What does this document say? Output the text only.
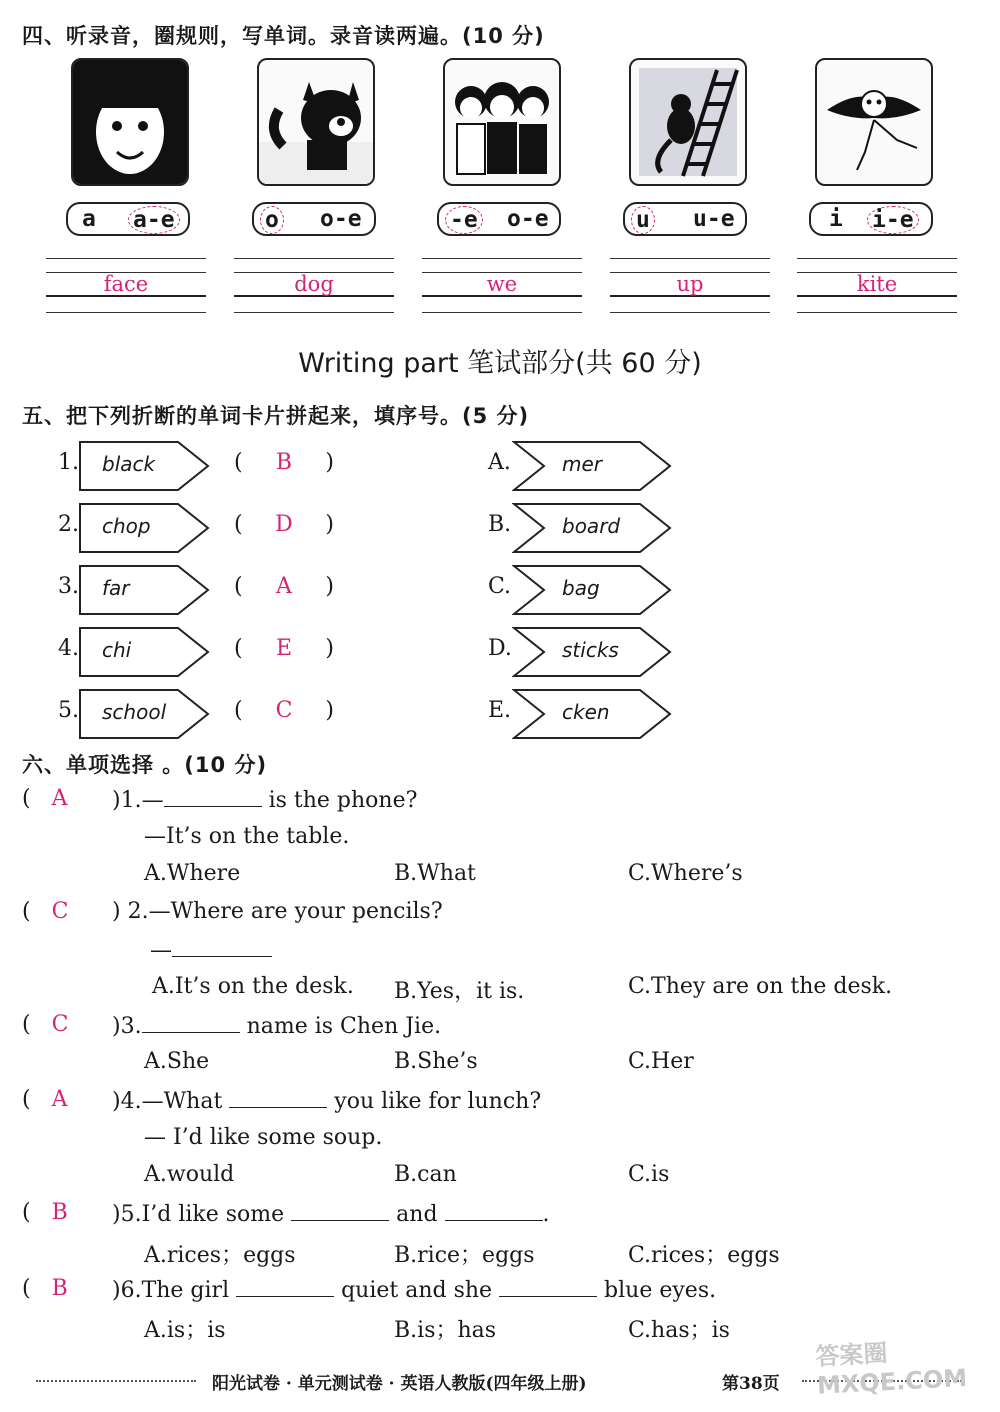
四、听录音，圈规则，写单词。录音读两遍。(10 分)
a a-e	o o-e	-e o-e	u u-e	i i-e
face	dog	we	up	kite
Writing part 笔试部分(共 60 分)
五、把下列折断的单词卡片拼起来，填序号。(5 分)
1. black	(	B	)
2. chop	(	D	)
3. far	(	A	)
4. chi	(	E	)
5. school	(	C	)
A.	mer
B.	board
C.	bag
D.	sticks
E.	cken
六、单项选择 。(10 分)
(   A )1.—	is the phone?
—It’s on the table.
A.Where	B.What	C.Where’s
(   C ) 2.—Where are your pencils?
—
A.It’s on the desk. B.Yes，it is.	C.They are on the desk.
(   C )3.	name is Chen Jie.
A.She	B.She’s	C.Her
(   A )4.—What	you like for lunch?
— I’d like some soup.
A.would	B.can	C.is
(   B )5.I’d like some	and	.
A.rices；eggs	B.rice；eggs	C.rices；eggs
(   B )6.The girl	quiet and she	blue eyes.
A.is；is	B.is；has	C.has；is
阳光试卷 · 单元测试卷 · 英语人教版(四年级上册)	第38页
答案圈 MXQE.COM
